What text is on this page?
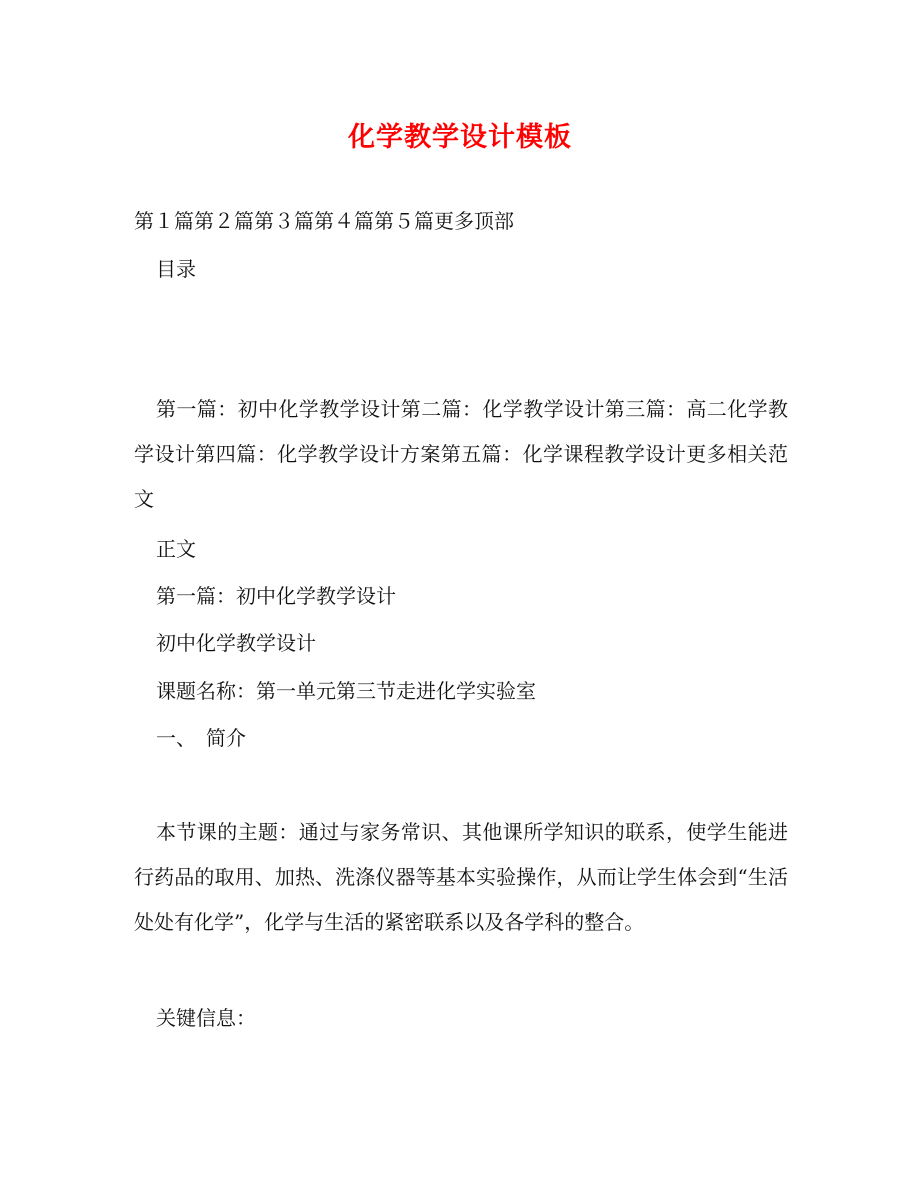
化学教学设计模板
第１篇第２篇第３篇第４篇第５篇更多顶部
目录
第一篇：初中化学教学设计第二篇：化学教学设计第三篇：高二化学教学设计第四篇：化学教学设计方案第五篇：化学课程教学设计更多相关范文
正文
第一篇：初中化学教学设计
初中化学教学设计
课题名称：第一单元第三节走进化学实验室
一、　简介
本节课的主题：通过与家务常识、其他课所学知识的联系，使学生能进行药品的取用、加热、洗涤仪器等基本实验操作，从而让学生体会到“生活处处有化学”，化学与生活的紧密联系以及各学科的整合。
关键信息：
